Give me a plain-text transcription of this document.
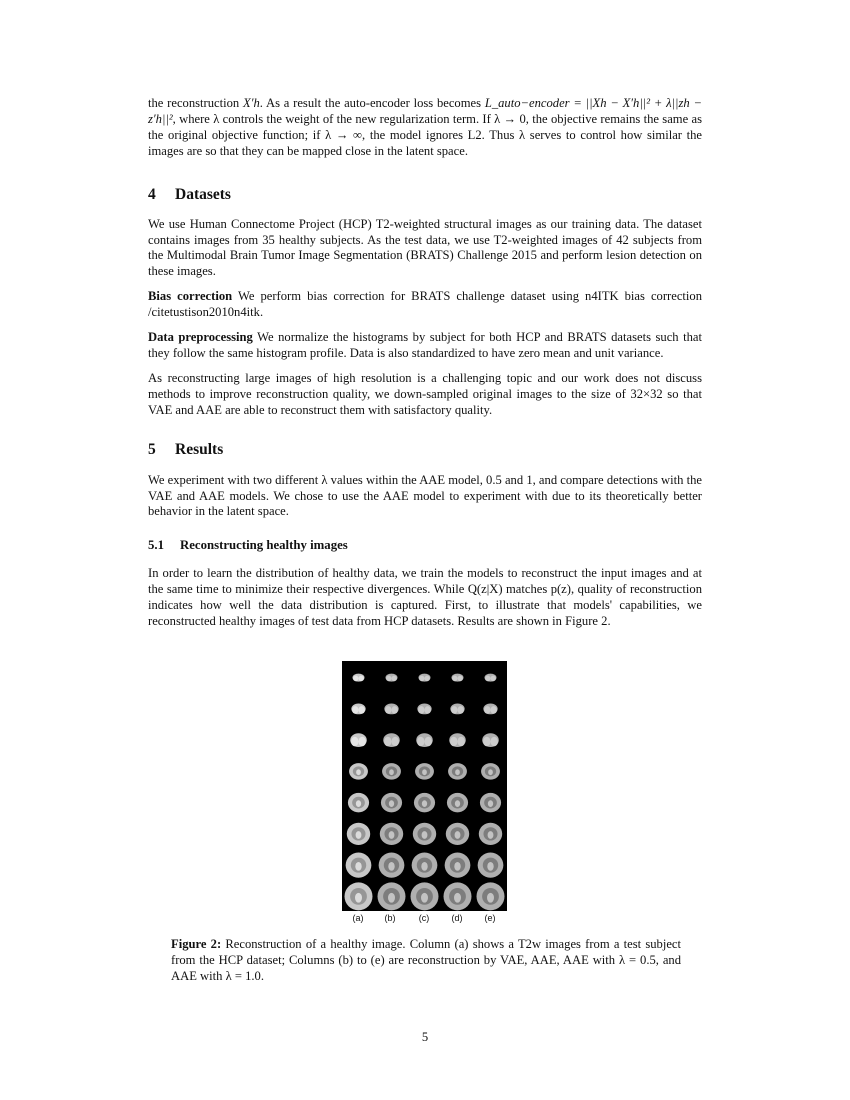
the reconstruction X′h. As a result the auto-encoder loss becomes L_auto−encoder = ||Xh − X′h||² + λ||zh − z′h||², where λ controls the weight of the new regularization term. If λ → 0, the objective remains the same as the original objective function; if λ → ∞, the model ignores L2. Thus λ serves to control how similar the images are so that they can be mapped close in the latent space.

4 Datasets

We use Human Connectome Project (HCP) T2-weighted structural images as our training data. The dataset contains images from 35 healthy subjects. As the test data, we use T2-weighted images of 42 subjects from the Multimodal Brain Tumor Image Segmentation (BRATS) Challenge 2015 and perform lesion detection on these images.

Bias correction We perform bias correction for BRATS challenge dataset using n4ITK bias correction /citetustison2010n4itk.

Data preprocessing We normalize the histograms by subject for both HCP and BRATS datasets such that they follow the same histogram profile. Data is also standardized to have zero mean and unit variance.

As reconstructing large images of high resolution is a challenging topic and our work does not discuss methods to improve reconstruction quality, we down-sampled original images to the size of 32×32 so that VAE and AAE are able to reconstruct them with satisfactory quality.

5 Results

We experiment with two different λ values within the AAE model, 0.5 and 1, and compare detections with the VAE and AAE models. We chose to use the AAE model to experiment with due to its theoretically better behavior in the latent space.

5.1 Reconstructing healthy images

In order to learn the distribution of healthy data, we train the models to reconstruct the input images and at the same time to minimize their respective divergences. While Q(z|X) matches p(z), quality of reconstruction indicates how well the data distribution is captured. First, to illustrate that models' capabilities, we reconstructed healthy images of test data from HCP datasets. Results are shown in Figure 2.

(a)	(b)	(c)	(d)	(e)

Figure 2: Reconstruction of a healthy image. Column (a) shows a T2w images from a test subject from the HCP dataset; Columns (b) to (e) are reconstruction by VAE, AAE, AAE with λ = 0.5, and AAE with λ = 1.0.

5
